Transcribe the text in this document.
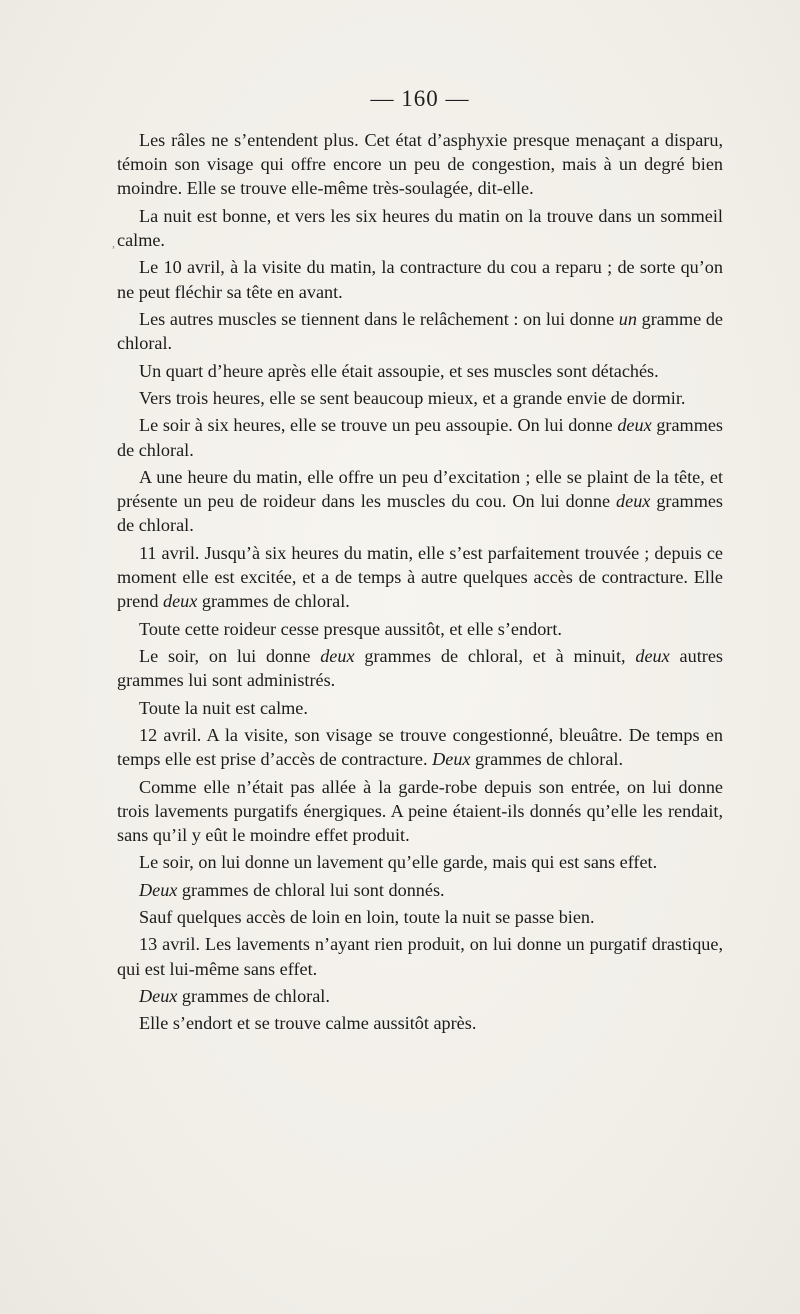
— 160 —

Les râles ne s’entendent plus. Cet état d’asphyxie presque menaçant a disparu, témoin son visage qui offre encore un peu de congestion, mais à un degré bien moindre. Elle se trouve elle-même très-soulagée, dit-elle.

La nuit est bonne, et vers les six heures du matin on la trouve dans un sommeil calme.

Le 10 avril, à la visite du matin, la contracture du cou a reparu ; de sorte qu’on ne peut fléchir sa tête en avant.

Les autres muscles se tiennent dans le relâchement : on lui donne un gramme de chloral.

Un quart d’heure après elle était assoupie, et ses muscles sont détachés.

Vers trois heures, elle se sent beaucoup mieux, et a grande envie de dormir.

Le soir à six heures, elle se trouve un peu assoupie. On lui donne deux grammes de chloral.

A une heure du matin, elle offre un peu d’excitation ; elle se plaint de la tête, et présente un peu de roideur dans les muscles du cou. On lui donne deux grammes de chloral.

11 avril. Jusqu’à six heures du matin, elle s’est parfaitement trouvée ; depuis ce moment elle est excitée, et a de temps à autre quelques accès de contracture. Elle prend deux grammes de chloral.

Toute cette roideur cesse presque aussitôt, et elle s’endort.

Le soir, on lui donne deux grammes de chloral, et à minuit, deux autres grammes lui sont administrés.

Toute la nuit est calme.

12 avril. A la visite, son visage se trouve congestionné, bleuâtre. De temps en temps elle est prise d’accès de contracture. Deux grammes de chloral.

Comme elle n’était pas allée à la garde-robe depuis son entrée, on lui donne trois lavements purgatifs énergiques. A peine étaient-ils donnés qu’elle les rendait, sans qu’il y eût le moindre effet produit.

Le soir, on lui donne un lavement qu’elle garde, mais qui est sans effet.

Deux grammes de chloral lui sont donnés.

Sauf quelques accès de loin en loin, toute la nuit se passe bien.

13 avril. Les lavements n’ayant rien produit, on lui donne un purgatif drastique, qui est lui-même sans effet.

Deux grammes de chloral.

Elle s’endort et se trouve calme aussitôt après.

,
